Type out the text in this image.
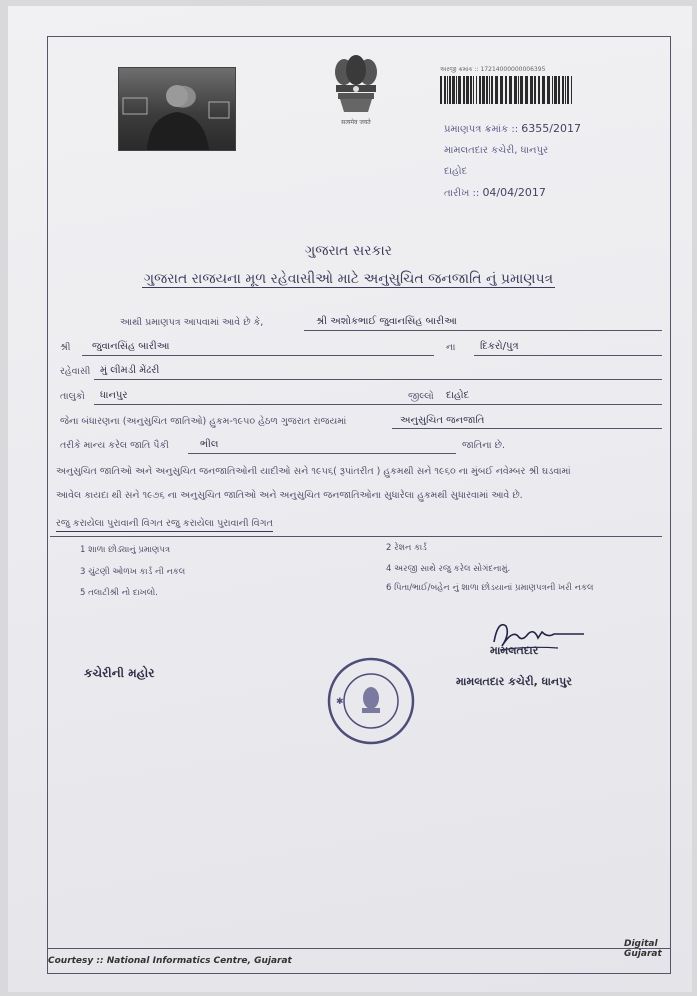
सत्यमेव जयते
અરજી ક્રમાંક :: 17214000000006395
પ્રમાણપત્ર ક્રમાંક :: 6355/2017
મામલતદાર કચેરી, ધાનપુર
દાહોદ
તારીખ :: 04/04/2017
ગુજરાત સરકાર
ગુજરાત રાજયના મૂળ રહેવાસીઓ માટે અનુસુચિત જનજાતિ નું પ્રમાણપત્ર
આથી પ્રમાણપત્ર આપવામાં આવે છે કે,	શ્રી અશોકભાઈ જુવાનસિંહ બારીઆ
શ્રી જુવાનસિંહ બારીઆ	ના દિકરો/પુત્ર
રહેવાસી મું લીમડી મેંઢરી
તાલુકો ધાનપુર	જીલ્લો દાહોદ
જેના બંધારણના (અનુસુચિત જાતિઓ) હુકમ-૧૯૫૦ હેઠળ ગુજરાત રાજયમાં	અનુસુચિત જનજાતિ
તરીકે માન્ય કરેલ જાતિ પૈકી	ભીલ	જાતિના છે.
અનુસુચિત જાતિઓ અને અનુસુચિત જનજાતિઓની યાદીઓ સને ૧૯૫૬( રૂપાંતરીત ) હુકમથી સને ૧૯૬૦ ના મુંબઈ નવેમ્બર શ્રી ઘડવામાં
આવેલ કાયદા થી સને ૧૯૭૬ ના અનુસુચિત જાતિઓ અને અનુસુચિત જનજાતિઓના સુધારેલા હુકમથી સુધારવામાં આવે છે.
રજુ કરાયેલા પુરાવાની વિગત રજુ કરાયેલા પુરાવાની વિગત
1 શાળા છોડ્યાનું પ્રમાણપત્ર	2 રેશન કાર્ડ
3 ચુંટણી ઓળખ કાર્ડ ની નકલ	4 અરજી સાથે રજુ કરેલ સોગંદનામું.
5 તલાટીશ્રી નો દાખલો.	6 પિતા/ભાઈ/બહેન નું શાળા છોડયાનાં પ્રમાણપત્રની ખરી નકલ
મામલતદાર
મામલતદાર કચેરી, ધાનપુર
કચેરીની મહોર
✱
Courtesy :: National Informatics Centre, Gujarat
Digital Gujarat
